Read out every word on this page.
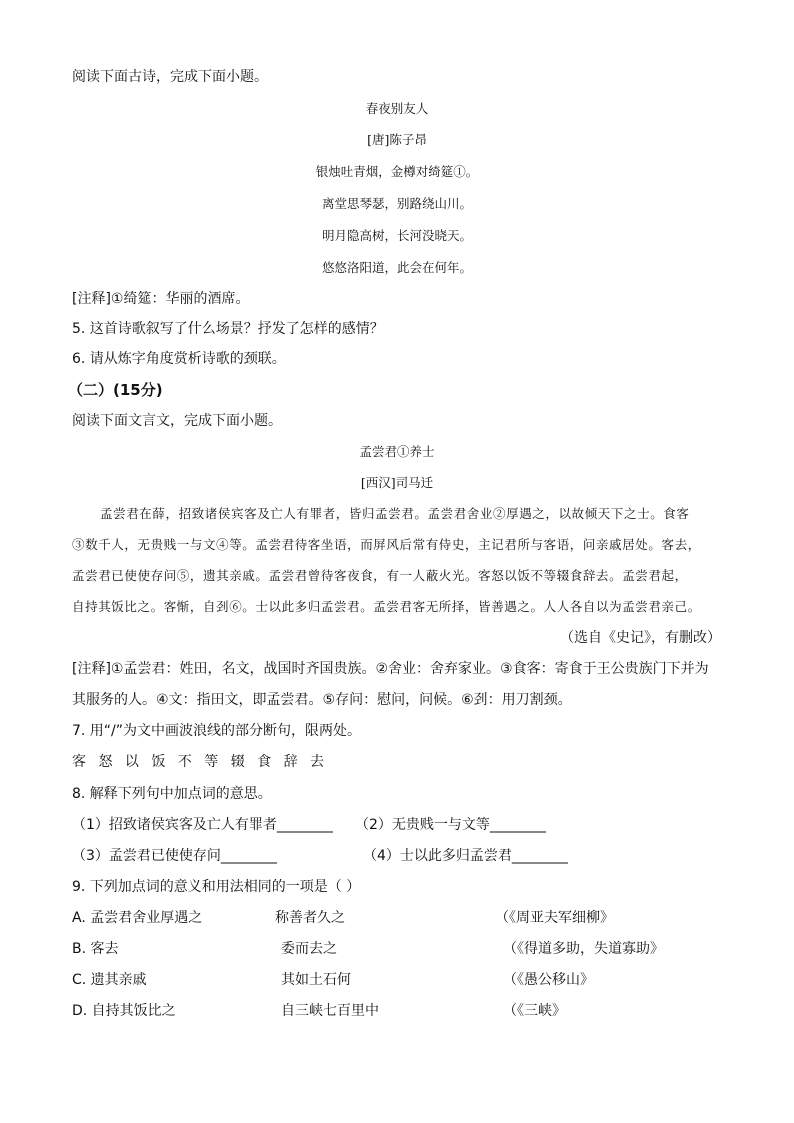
阅读下面古诗，完成下面小题。
春夜别友人
[唐]陈子昂
银烛吐青烟，金樽对绮筵①。
离堂思琴瑟，别路绕山川。
明月隐高树，长河没晓天。
悠悠洛阳道，此会在何年。
[注释]①绮筵：华丽的酒席。
5. 这首诗歌叙写了什么场景？抒发了怎样的感情？
6. 请从炼字角度赏析诗歌的颈联。
（二）(15分)
阅读下面文言文，完成下面小题。
孟尝君①养士
[西汉]司马迁
孟尝君在薛，招致诸侯宾客及亡人有罪者，皆归孟尝君。孟尝君舍业②厚遇之，以故倾天下之士。食客
③数千人，无贵贱一与文④等。孟尝君待客坐语，而屏风后常有侍史，主记君所与客语，问亲戚居处。客去，
孟尝君已使使存问⑤，遗其亲戚。孟尝君曾待客夜食，有一人蔽火光。客怒以饭不等辍食辞去。孟尝君起，
自持其饭比之。客惭，自刭⑥。士以此多归孟尝君。孟尝君客无所择，皆善遇之。人人各自以为孟尝君亲己。
（选自《史记》，有删改）
[注释]①孟尝君：姓田，名文，战国时齐国贵族。②舍业：舍弃家业。③食客：寄食于王公贵族门下并为
其服务的人。④文：指田文，即孟尝君。⑤存问：慰问，问候。⑥刭：用刀割颈。
7. 用“/”为文中画波浪线的部分断句，限两处。
客 怒 以 饭 不 等 辍 食 辞 去
8. 解释下列句中加点词的意思。
（1）招致诸侯宾客及亡人有罪者________ （2）无贵贱一与文等________
（3）孟尝君已使使存问________	（4）士以此多归孟尝君________
9. 下列加点词的意义和用法相同的一项是（ ）
A. 孟尝君舍业厚遇之	称善者久之	（《周亚夫军细柳》
B. 客去	委而去之	（《得道多助，失道寡助》
C. 遗其亲戚	其如土石何	（《愚公移山》
D. 自持其饭比之	自三峡七百里中	（《三峡》
